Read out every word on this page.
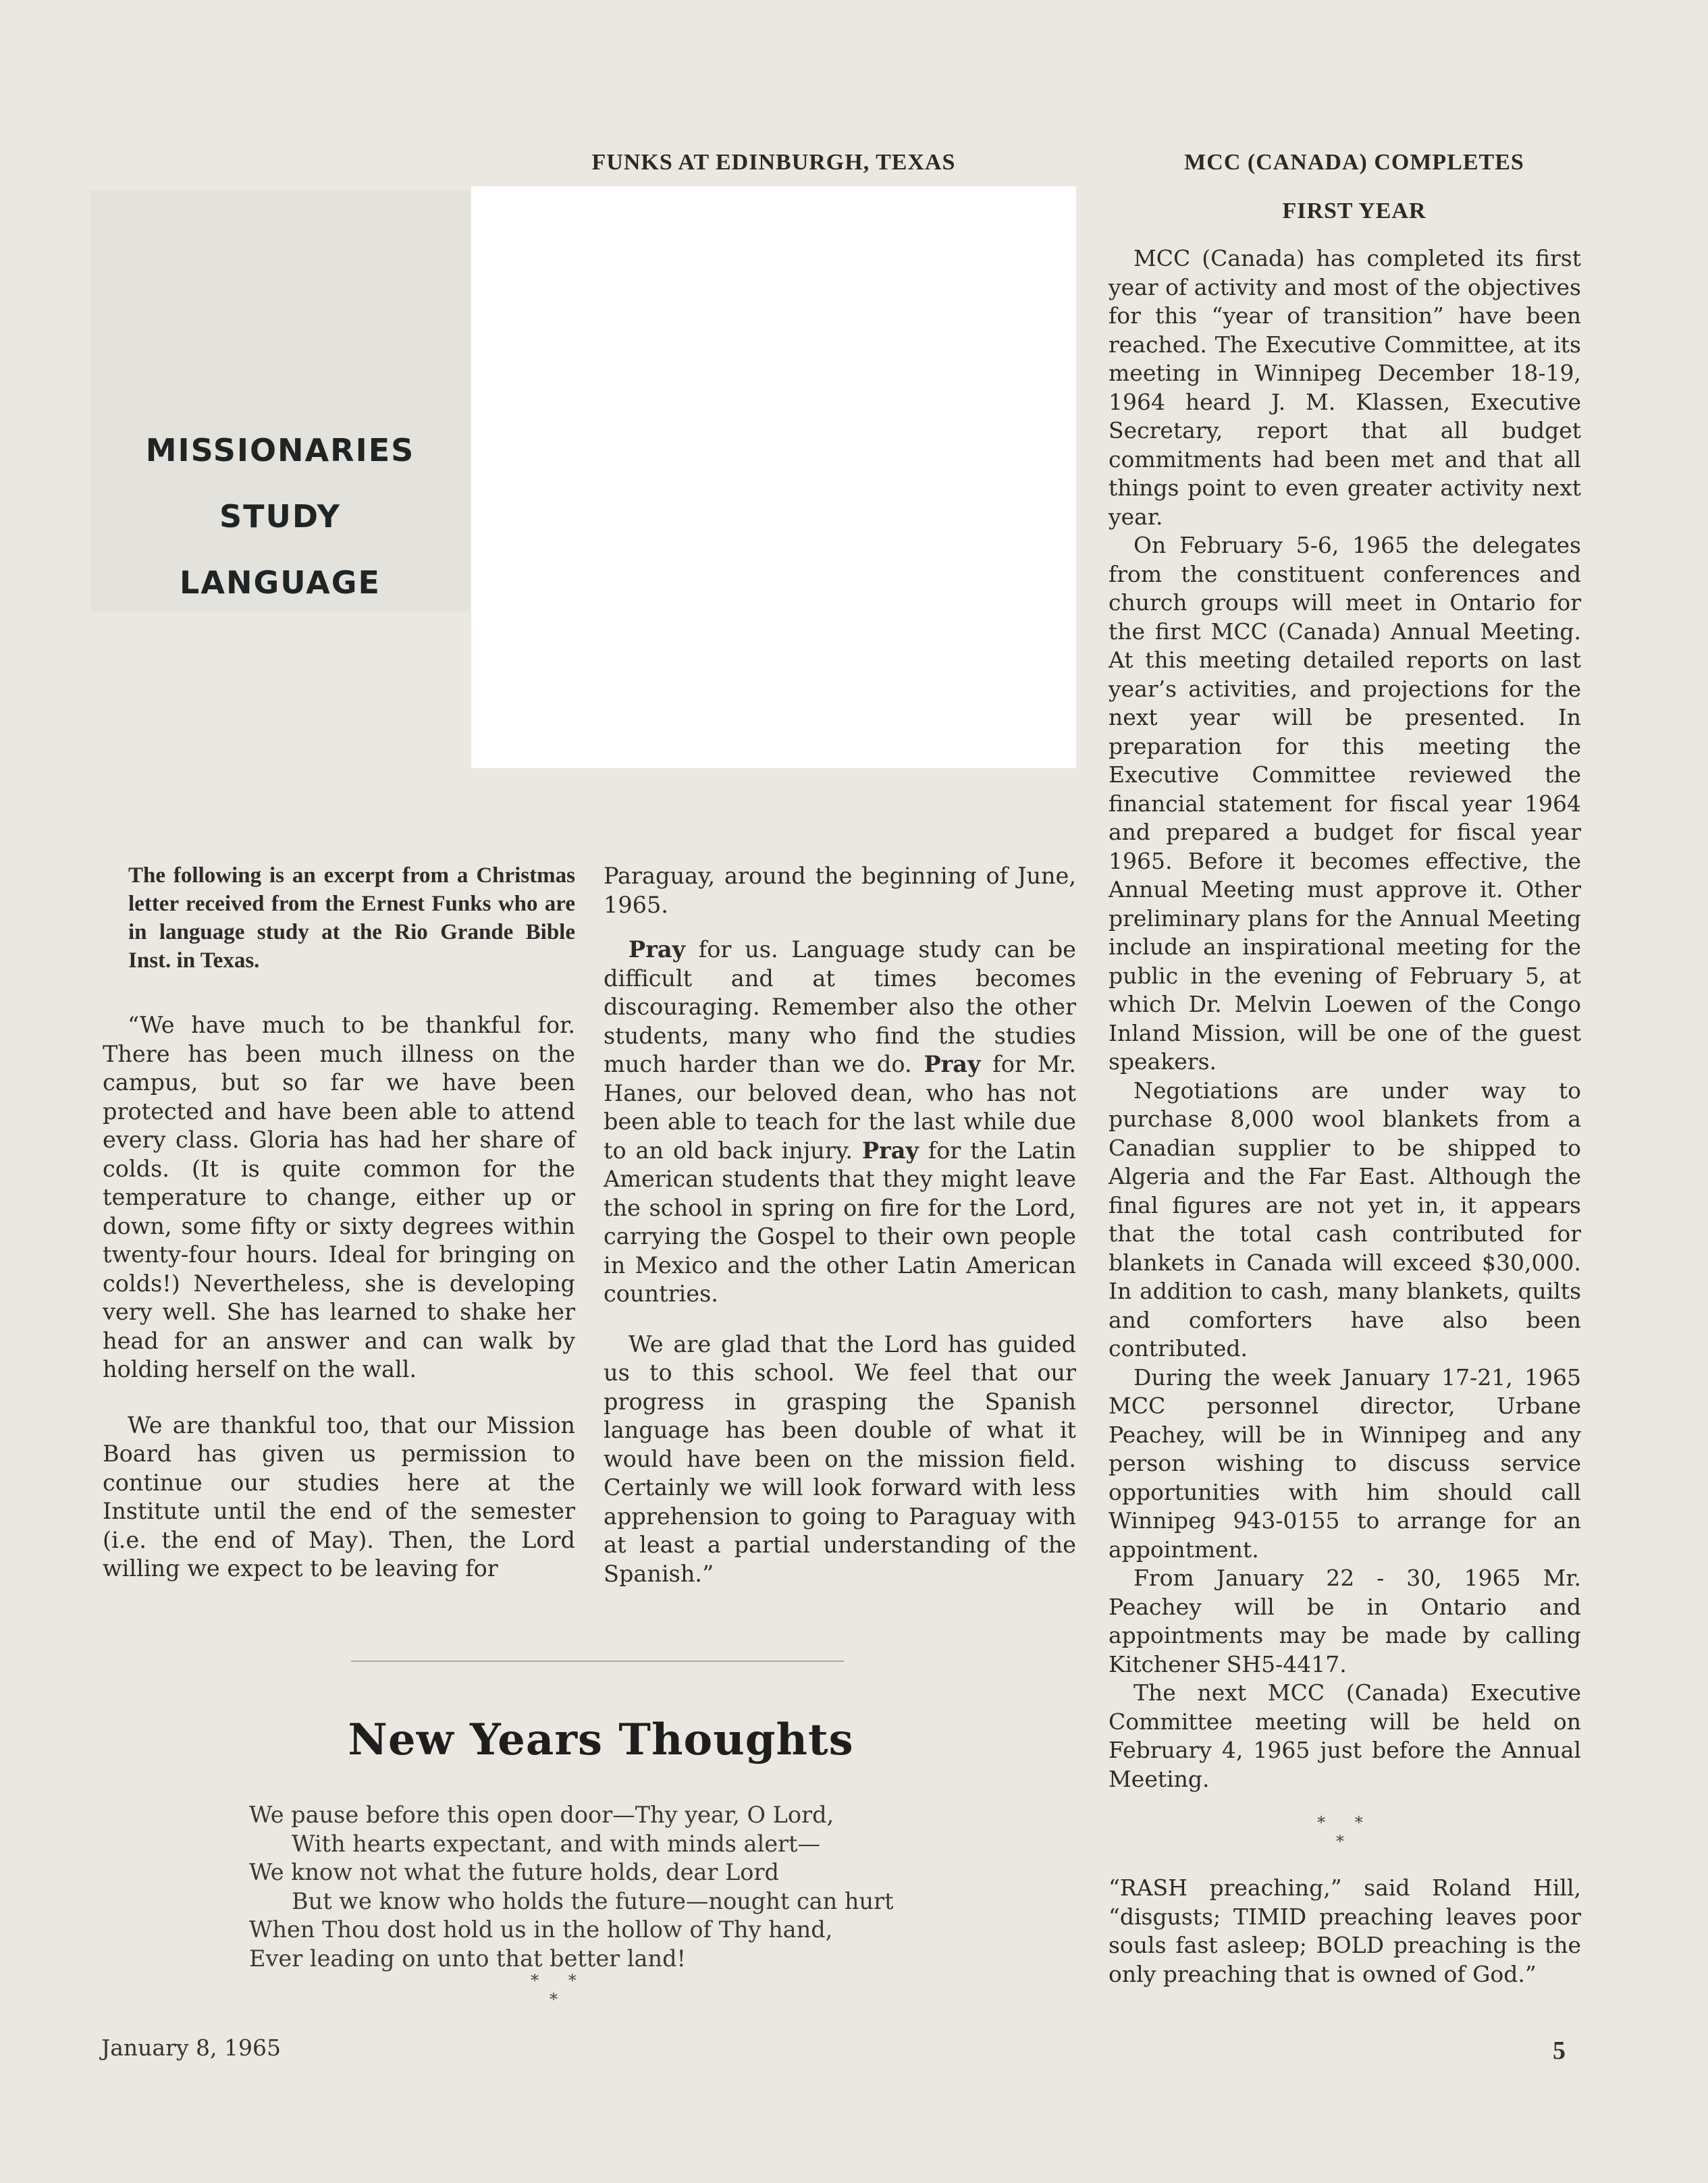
FUNKS AT EDINBURGH, TEXAS
MISSIONARIES
STUDY
LANGUAGE
The following is an excerpt from a Christmas letter received from the Ernest Funks who are in language study at the Rio Grande Bible Inst. in Texas.

“We have much to be thankful for. There has been much illness on the campus, but so far we have been protected and have been able to attend every class. Gloria has had her share of colds. (It is quite common for the temperature to change, either up or down, some fifty or sixty degrees within twenty-four hours. Ideal for bringing on colds!) Nevertheless, she is developing very well. She has learned to shake her head for an answer and can walk by holding herself on the wall.

We are thankful too, that our Mission Board has given us permission to continue our studies here at the Institute until the end of the semester (i.e. the end of May). Then, the Lord willing we expect to be leaving for

Paraguay, around the beginning of June, 1965.

Pray for us. Language study can be difficult and at times becomes discouraging. Remember also the other students, many who find the studies much harder than we do. Pray for Mr. Hanes, our beloved dean, who has not been able to teach for the last while due to an old back injury. Pray for the Latin American students that they might leave the school in spring on fire for the Lord, carrying the Gospel to their own people in Mexico and the other Latin American countries.

We are glad that the Lord has guided us to this school. We feel that our progress in grasping the Spanish language has been double of what it would have been on the mission field. Certainly we will look forward with less apprehension to going to Paraguay with at least a partial understanding of the Spanish.”

New Years Thoughts
We pause before this open door—Thy year, O Lord,
With hearts expectant, and with minds alert—
We know not what the future holds, dear Lord
But we know who holds the future—nought can hurt
When Thou dost hold us in the hollow of Thy hand,
Ever leading on unto that better land!
* * *
MCC (CANADA) COMPLETES
FIRST YEAR

MCC (Canada) has completed its first year of activity and most of the objectives for this “year of transition” have been reached. The Executive Committee, at its meeting in Winnipeg December 18-19, 1964 heard J. M. Klassen, Executive Secretary, report that all budget commitments had been met and that all things point to even greater activity next year.

On February 5-6, 1965 the delegates from the constituent conferences and church groups will meet in Ontario for the first MCC (Canada) Annual Meeting. At this meeting detailed reports on last year’s activities, and projections for the next year will be presented. In preparation for this meeting the Executive Committee reviewed the financial statement for fiscal year 1964 and prepared a budget for fiscal year 1965. Before it becomes effective, the Annual Meeting must approve it. Other preliminary plans for the Annual Meeting include an inspirational meeting for the public in the evening of February 5, at which Dr. Melvin Loewen of the Congo Inland Mission, will be one of the guest speakers.

Negotiations are under way to purchase 8,000 wool blankets from a Canadian supplier to be shipped to Algeria and the Far East. Although the final figures are not yet in, it appears that the total cash contributed for blankets in Canada will exceed $30,000. In addition to cash, many blankets, quilts and comforters have also been contributed.

During the week January 17-21, 1965 MCC personnel director, Urbane Peachey, will be in Winnipeg and any person wishing to discuss service opportunities with him should call Winnipeg 943-0155 to arrange for an appointment.

From January 22 - 30, 1965 Mr. Peachey will be in Ontario and appointments may be made by calling Kitchener SH5-4417.

The next MCC (Canada) Executive Committee meeting will be held on February 4, 1965 just before the Annual Meeting.

* * *
“RASH preaching,” said Roland Hill, “disgusts; TIMID preaching leaves poor souls fast asleep; BOLD preaching is the only preaching that is owned of God.”
January 8, 1965	5
